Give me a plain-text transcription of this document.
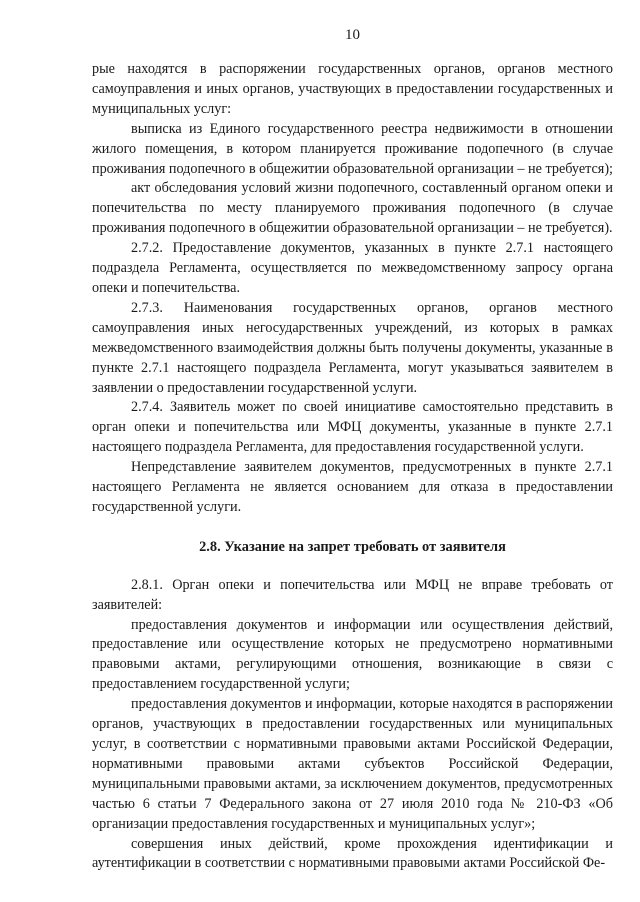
10

рые находятся в распоряжении государственных органов, органов местного самоуправления и иных органов, участвующих в предоставлении государственных и муниципальных услуг:

выписка из Единого государственного реестра недвижимости в отношении жилого помещения, в котором планируется проживание подопечного (в случае проживания подопечного в общежитии образовательной организации – не требуется);

акт обследования условий жизни подопечного, составленный органом опеки и попечительства по месту планируемого проживания подопечного (в случае проживания подопечного в общежитии образовательной организации – не требуется).

2.7.2. Предоставление документов, указанных в пункте 2.7.1 настоящего подраздела Регламента, осуществляется по межведомственному запросу органа опеки и попечительства.

2.7.3. Наименования государственных органов, органов местного самоуправления иных негосударственных учреждений, из которых в рамках межведомственного взаимодействия должны быть получены документы, указанные в пункте 2.7.1 настоящего подраздела Регламента, могут указываться заявителем в заявлении о предоставлении государственной услуги.

2.7.4. Заявитель может по своей инициативе самостоятельно представить в орган опеки и попечительства или МФЦ документы, указанные в пункте 2.7.1 настоящего подраздела Регламента, для предоставления государственной услуги.

Непредставление заявителем документов, предусмотренных в пункте 2.7.1 настоящего Регламента не является основанием для отказа в предоставлении государственной услуги.

2.8. Указание на запрет требовать от заявителя

2.8.1. Орган опеки и попечительства или МФЦ не вправе требовать от заявителей:

предоставления документов и информации или осуществления действий, предоставление или осуществление которых не предусмотрено нормативными правовыми актами, регулирующими отношения, возникающие в связи с предоставлением государственной услуги;

предоставления документов и информации, которые находятся в распоряжении органов, участвующих в предоставлении государственных или муниципальных услуг, в соответствии с нормативными правовыми актами Российской Федерации, нормативными правовыми актами субъектов Российской Федерации, муниципальными правовыми актами, за исключением документов, предусмотренных частью 6 статьи 7 Федерального закона от 27 июля 2010 года № 210-ФЗ «Об организации предоставления государственных и муниципальных услуг»;

совершения иных действий, кроме прохождения идентификации и аутентификации в соответствии с нормативными правовыми актами Российской Фе-
